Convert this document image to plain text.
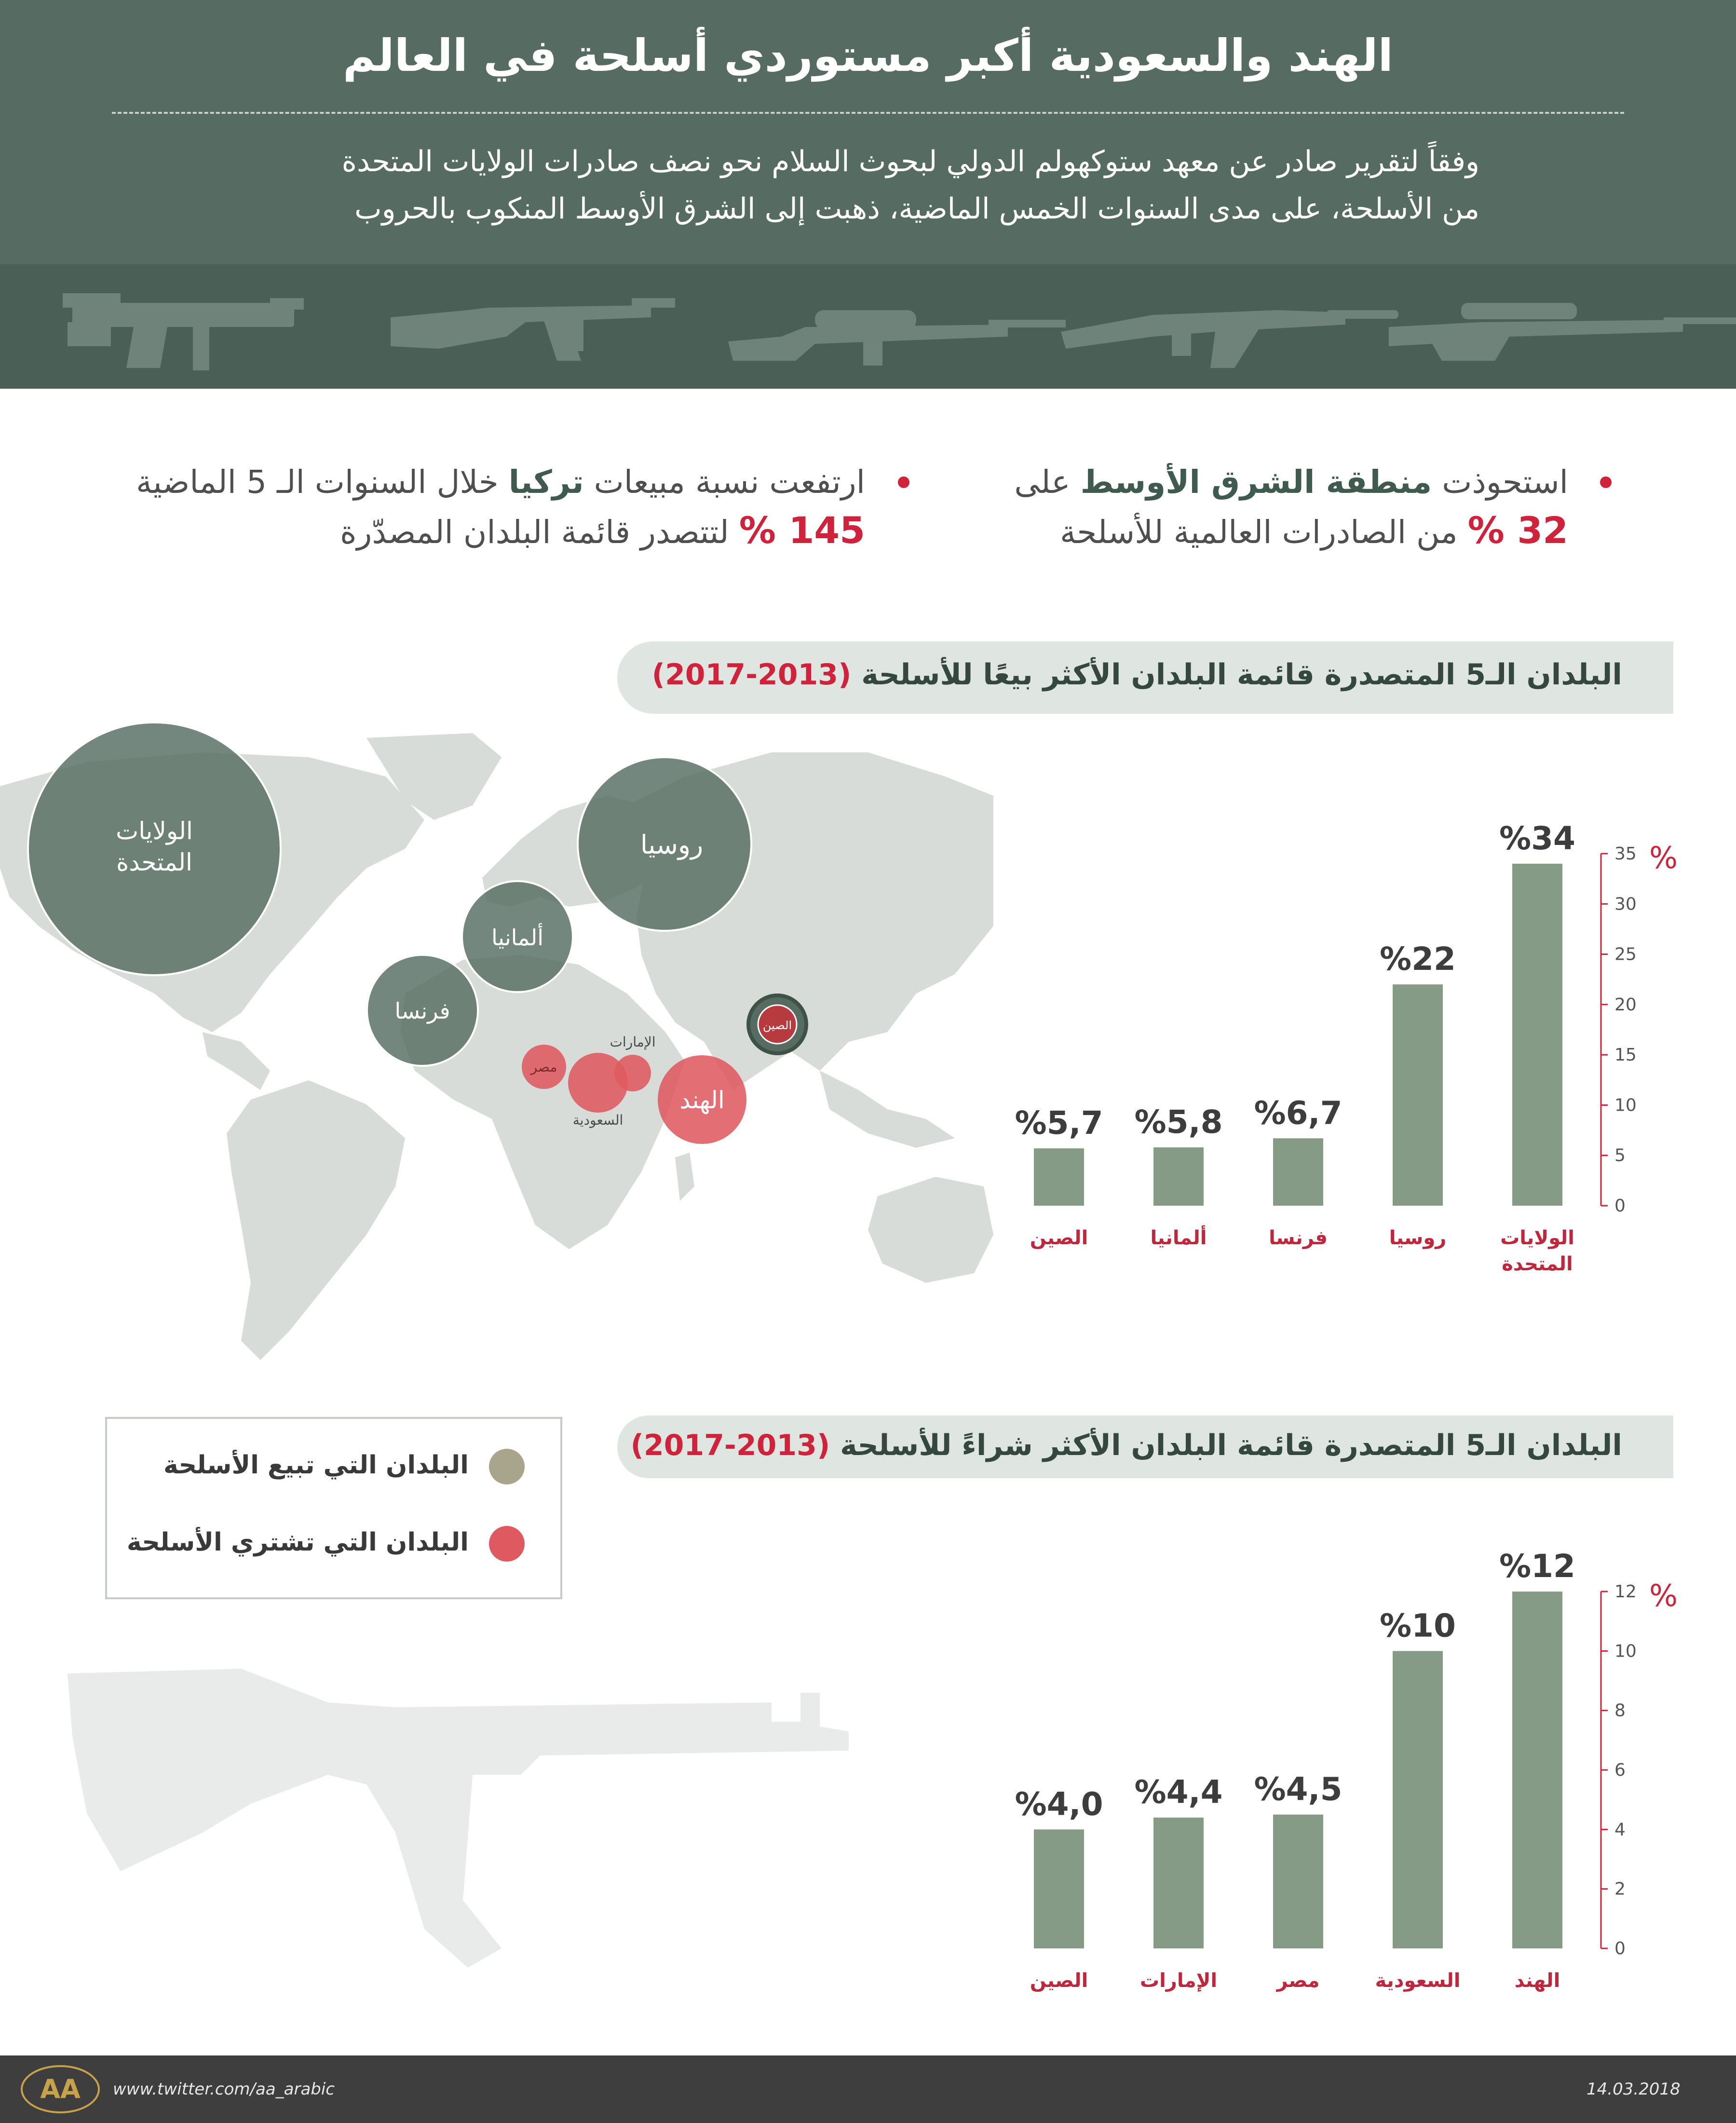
الهند والسعودية أكبر مستوردي أسلحة في العالم
وفقاً لتقرير صادر عن معهد ستوكهولم الدولي لبحوث السلام نحو نصف صادرات الولايات المتحدة
من الأسلحة، على مدى السنوات الخمس الماضية، ذهبت إلى الشرق الأوسط المنكوب بالحروب
استحوذت منطقة الشرق الأوسط على
32 % من الصادرات العالمية للأسلحة
ارتفعت نسبة مبيعات تركيا خلال السنوات الـ 5 الماضية
145 % لتتصدر قائمة البلدان المصدّرة
البلدان الـ5 المتصدرة قائمة البلدان الأكثر بيعًا للأسلحة (2013-2017)
الولايات
المتحدة
روسيا
ألمانيا
فرنسا
الصين
الهند
مصر
الإمارات
السعودية
0
5
10
15
20
25
30
35 %
%34
الولايات
المتحدة
%22
روسيا
%6,7
فرنسا
%5,8
ألمانيا
%5,7
الصين
البلدان الـ5 المتصدرة قائمة البلدان الأكثر شراءً للأسلحة (2013-2017)
البلدان التي تبيع الأسلحة
البلدان التي تشتري الأسلحة
0
2
4
6
8
10
12 %
%12
الهند
%10
السعودية
%4,5
مصر
%4,4
الإمارات
%4,0
الصين
AA www.twitter.com/aa_arabic	14.03.2018
